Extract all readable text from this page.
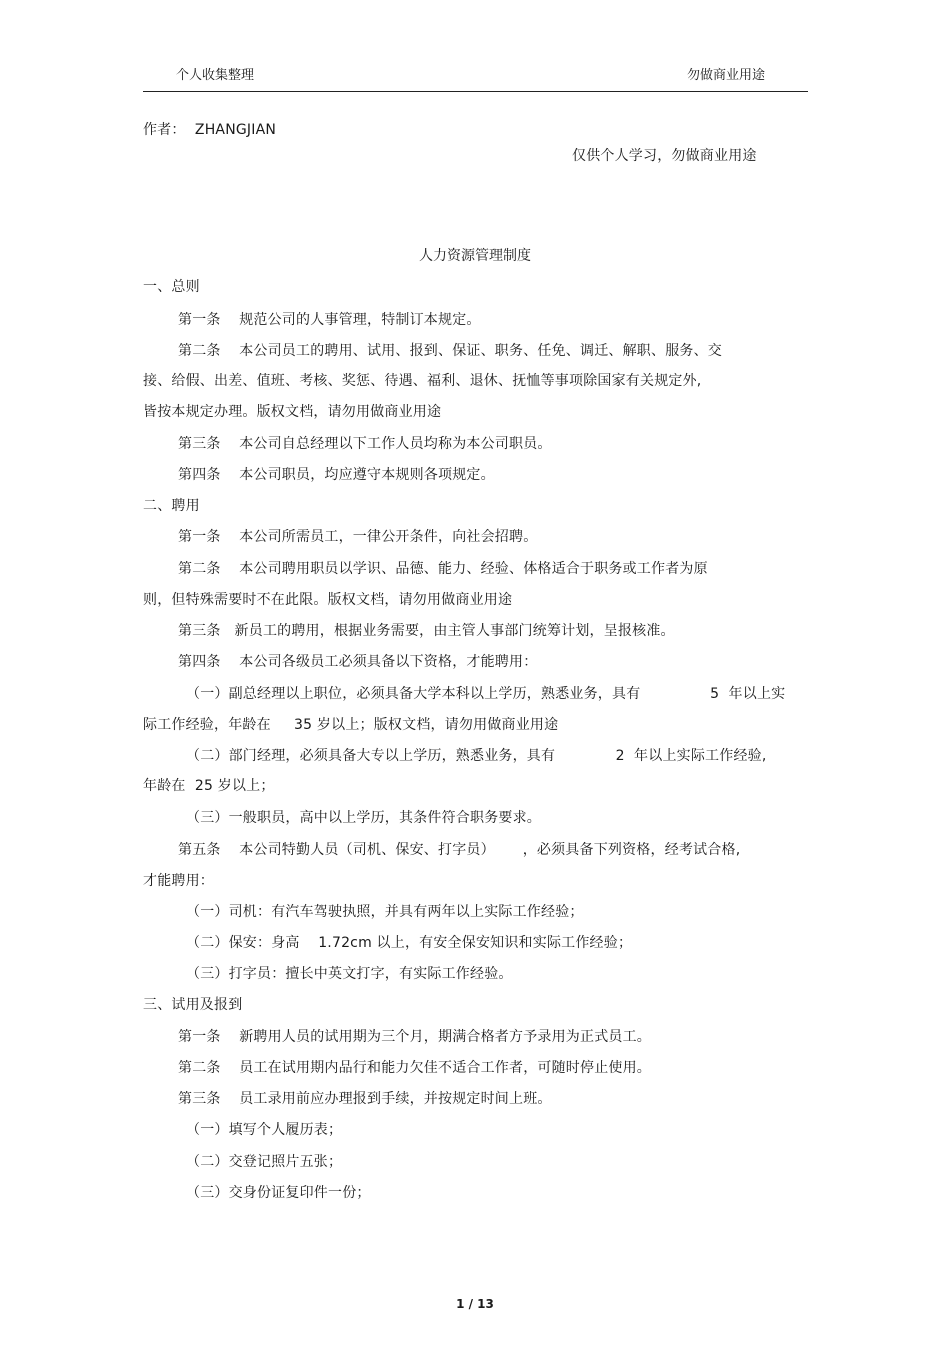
个人收集整理	勿做商业用途
作者：  ZHANGJIAN
仅供个人学习，勿做商业用途
人力资源管理制度
一、总则
第一条    规范公司的人事管理，特制订本规定。
第二条    本公司员工的聘用、试用、报到、保证、职务、任免、调迁、解职、服务、交
接、给假、出差、值班、考核、奖惩、待遇、福利、退休、抚恤等事项除国家有关规定外,
皆按本规定办理。版权文档，请勿用做商业用途
第三条    本公司自总经理以下工作人员均称为本公司职员。
第四条    本公司职员，均应遵守本规则各项规定。
二、聘用
第一条    本公司所需员工，一律公开条件，向社会招聘。
第二条    本公司聘用职员以学识、品德、能力、经验、体格适合于职务或工作者为原
则，但特殊需要时不在此限。版权文档，请勿用做商业用途
第三条   新员工的聘用，根据业务需要，由主管人事部门统筹计划，呈报核准。
第四条    本公司各级员工必须具备以下资格，才能聘用：
（一）副总经理以上职位，必须具备大学本科以上学历，熟悉业务，具有               5  年以上实
际工作经验，年龄在     35 岁以上；版权文档，请勿用做商业用途
（二）部门经理，必须具备大专以上学历，熟悉业务，具有             2  年以上实际工作经验,
年龄在  25 岁以上；
（三）一般职员，高中以上学历，其条件符合职务要求。
第五条    本公司特勤人员（司机、保安、打字员）      ，必须具备下列资格，经考试合格,
才能聘用：
（一）司机：有汽车驾驶执照，并具有两年以上实际工作经验；
（二）保安：身高    1.72cm 以上，有安全保安知识和实际工作经验；
（三）打字员：擅长中英文打字，有实际工作经验。
三、试用及报到
第一条    新聘用人员的试用期为三个月，期满合格者方予录用为正式员工。
第二条    员工在试用期内品行和能力欠佳不适合工作者，可随时停止使用。
第三条    员工录用前应办理报到手续，并按规定时间上班。
（一）填写个人履历表；
（二）交登记照片五张；
（三）交身份证复印件一份；
1 / 13
